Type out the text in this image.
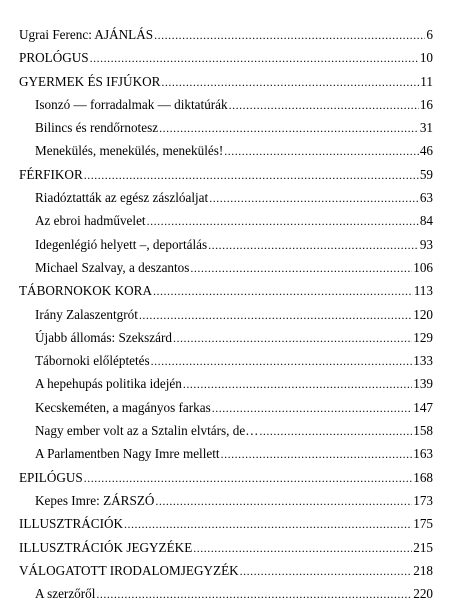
Ugrai Ferenc: AJÁNLÁS .....	6
PROLÓGUS .....	10
GYERMEK ÉS IFJÚKOR .....	11
Isonzó — forradalmak — diktatúrák .....	16
Bilincs és rendőrnotesz .....	31
Menekülés, menekülés, menekülés! .....	46
FÉRFIKOR .....	59
Riadóztatták az egész zászlóaljat .....	63
Az ebroi hadművelet .....	84
Idegenlégió helyett –, deportálás .....	93
Michael Szalvay, a deszantos .....	106
TÁBORNOKOK KORA .....	113
Irány Zalaszentgrót .....	120
Újabb állomás: Szekszárd .....	129
Tábornoki előléptetés .....	133
A hepehupás politika idején .....	139
Kecskeméten, a magányos farkas .....	147
Nagy ember volt az a Sztalin elvtárs, de… .....	158
A Parlamentben Nagy Imre mellett .....	163
EPILÓGUS .....	168
Kepes Imre: ZÁRSZÓ .....	173
ILLUSZTRÁCIÓK .....	175
ILLUSZTRÁCIÓK JEGYZÉKE .....	215
VÁLOGATOTT IRODALOMJEGYZÉK .....	218
A szerzőről .....	220
